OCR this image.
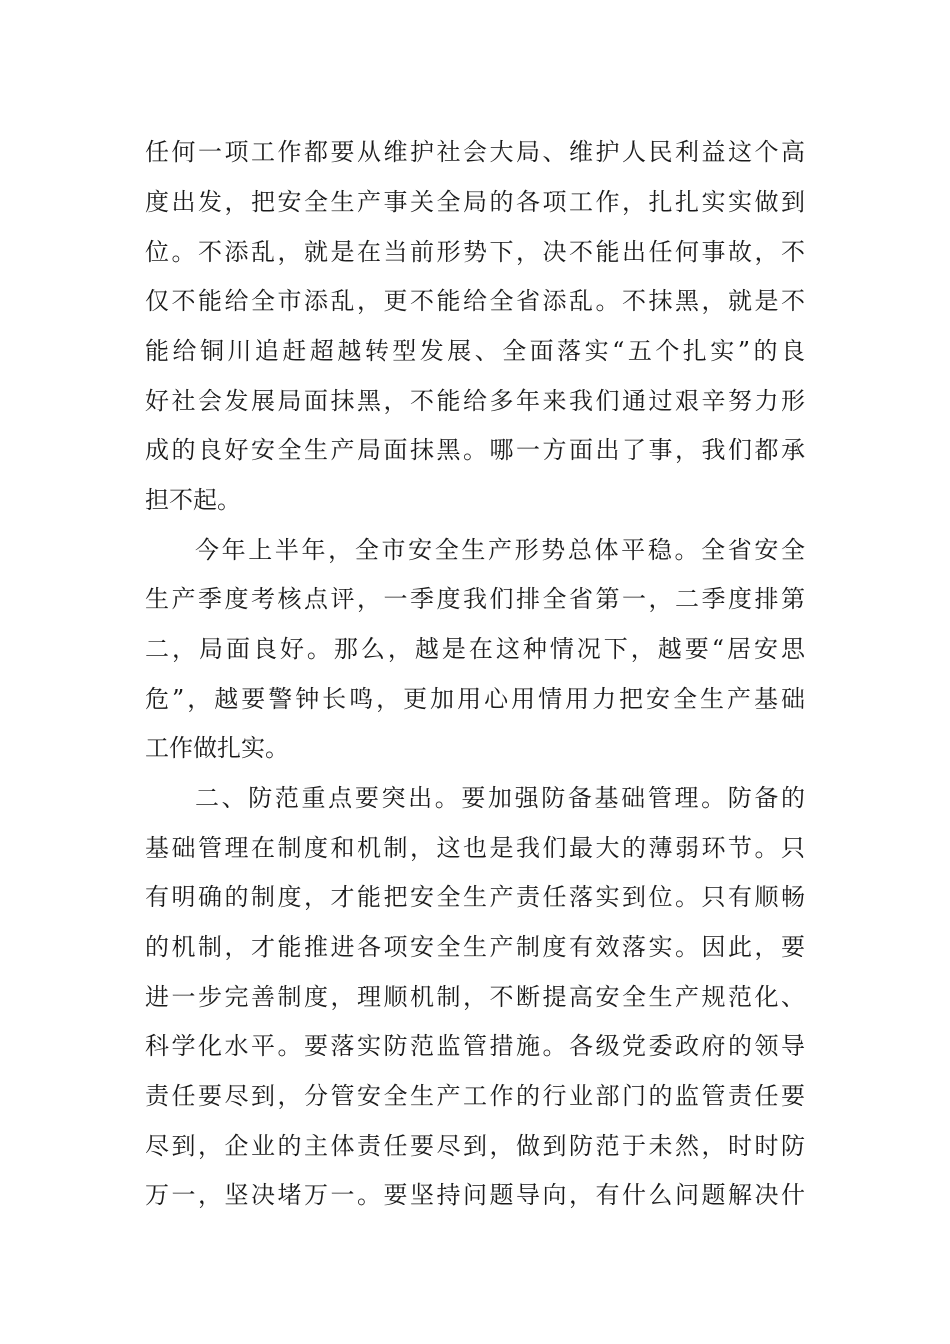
任何一项工作都要从维护社会大局、维护人民利益这个高
度出发，把安全生产事关全局的各项工作，扎扎实实做到
位。不添乱，就是在当前形势下，决不能出任何事故，不
仅不能给全市添乱，更不能给全省添乱。不抹黑，就是不
能给铜川追赶超越转型发展、全面落实“五个扎实”的良
好社会发展局面抹黑，不能给多年来我们通过艰辛努力形
成的良好安全生产局面抹黑。哪一方面出了事，我们都承
担不起。
今年上半年，全市安全生产形势总体平稳。全省安全
生产季度考核点评，一季度我们排全省第一，二季度排第
二，局面良好。那么，越是在这种情况下，越要“居安思
危”，越要警钟长鸣，更加用心用情用力把安全生产基础
工作做扎实。
二、防范重点要突出。要加强防备基础管理。防备的
基础管理在制度和机制，这也是我们最大的薄弱环节。只
有明确的制度，才能把安全生产责任落实到位。只有顺畅
的机制，才能推进各项安全生产制度有效落实。因此，要
进一步完善制度，理顺机制，不断提高安全生产规范化、
科学化水平。要落实防范监管措施。各级党委政府的领导
责任要尽到，分管安全生产工作的行业部门的监管责任要
尽到，企业的主体责任要尽到，做到防范于未然，时时防
万一，坚决堵万一。要坚持问题导向，有什么问题解决什
